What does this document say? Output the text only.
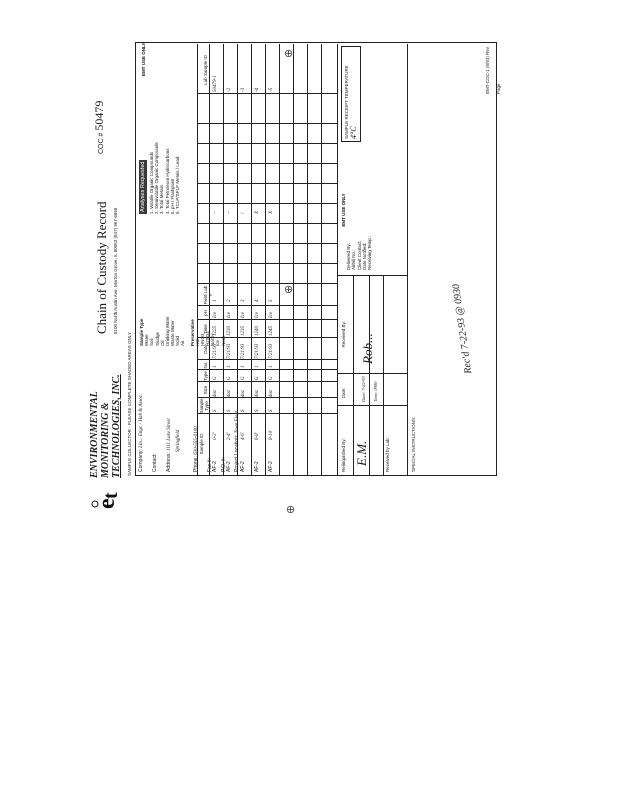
e
t
ENVIRONMENTAL MONITORING & TECHNOLOGIES, INC.
Chain of Custody Record 8100 North Austin Ave. Morton Grove, IL 60053 (847) 967-6666
COC # 50479
SAMPLE COLLECTOR - PLEASE COMPLETE SHADED AREAS ONLY
⊕
⊕
⊕
Company: Lin... Engr. / Hab & Assoc.
Contact: Address: 1111 Lake Street Springfield
Phone: 630-555-0100
Fax #: P.O. #: Project Location: Town Field
Sample Type Water Soil Sludge Oil Drinking Water Waste Water Solid Air Preservative HCl HNO3 H2SO4 NaOH Ice None
Analyses Requested 1. Volatile Organic Compounds 2. Semivolatile Organic Compounds 3. Total Metals 4. Total Petroleum Hydrocarbons 5. pH / Flashpoint 6. TCLP/SPLP Metals / Lead
Sample ID
Sample Type
Size
Type
No.
Date
Time
pH
Field Lab #
Lab Sample ID
AF-2
0-2'
S
4oz
G
1
7/21/93
1225
Ice
1
~
50479-1
AF-2
2-4'
S
4oz
G
1
7/21/93
1230
Ice
2
~
-2
AF-2
4-6'
S
4oz
G
1
7/21/93
1235
Ice
3
/
-3
AF-2
6-8'
S
4oz
G
1
7/21/93
1240
Ice
4
X
-4
AF-2
8-10'
S
4oz
G
1
7/21/93
1245
Ice
5
X
-5
Relinquished By:
Date:
Received By:
E.M.
Date: 7-22-93
Time: 0900
Rob...
Received by Lab:
EMT USE ONLY
Delivered By: Airbill No.: Client Contact: Date Notified: Receiving Temp.:
SAMPLE RECEIPT TEMPERATURE 4°C
SPECIAL INSTRUCTIONS:
EMT-COC-1 (6/93) Rev Page
EMT USE ONLY
Rec'd 7-22-93 @ 0930
